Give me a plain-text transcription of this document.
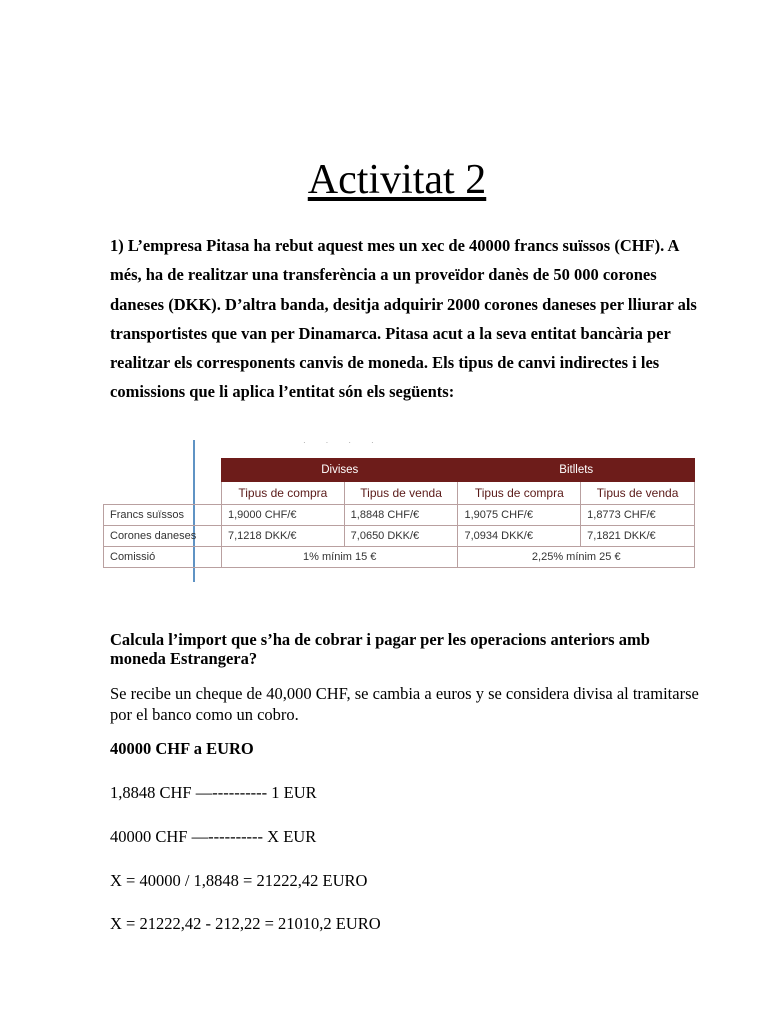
Activitat 2

1) L’empresa Pitasa ha rebut aquest mes un xec de 40000 francs suïssos (CHF). A més, ha de realitzar una transferència a un proveïdor danès de 50 000 corones daneses (DKK). D’altra banda, desitja adquirir 2000 corones daneses per lliurar als transportistes que van per Dinamarca. Pitasa acut a la seva entitat bancària per realitzar els corresponents canvis de moneda. Els tipus de canvi indirectes i les comissions que li aplica l’entitat són els següents:

····
	Divises		Bitllets	
	Tipus de compra	Tipus de venda	Tipus de compra	Tipus de venda
Francs suïssos	1,9000 CHF/€	1,8848 CHF/€	1,9075 CHF/€	1,8773 CHF/€
Corones daneses	7,1218 DKK/€	7,0650 DKK/€	7,0934 DKK/€	7,1821 DKK/€
Comissió	1% mínim 15 €		2,25% mínim 25 €	

Calcula l’import que s’ha de cobrar i pagar per les operacions anteriors amb moneda Estrangera?

Se recibe un cheque de 40,000 CHF, se cambia a euros y se considera divisa al tramitarse por el banco como un cobro.

40000 CHF a EURO

1,8848 CHF —---------- 1 EUR

40000 CHF —---------- X EUR

X = 40000 / 1,8848 = 21222,42 EURO

X = 21222,42 - 212,22 = 21010,2 EURO
